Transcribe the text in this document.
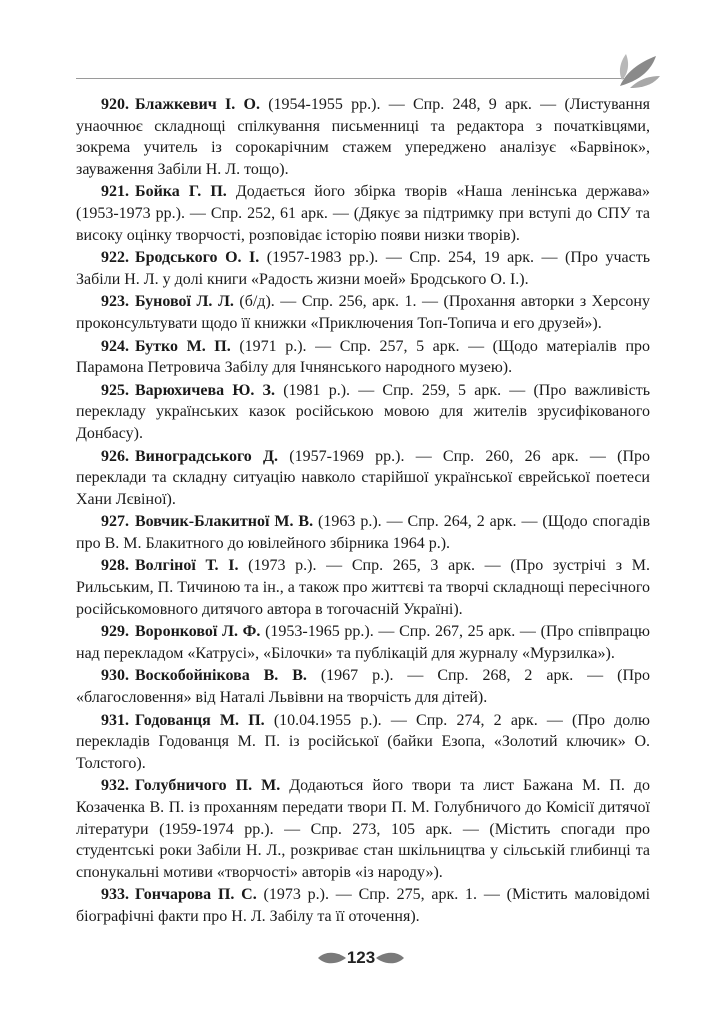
920. Блажкевич І. О. (1954-1955 рр.). — Спр. 248, 9 арк. — (Листування унаочнює складнощі спілкування письменниці та редактора з початківцями, зокрема учитель із сорокарічним стажем упереджено аналізує «Барвінок», зауваження Забіли Н. Л. тощо).

921. Бойка Г. П. Додається його збірка творів «Наша ленінська держава» (1953-1973 рр.). — Спр. 252, 61 арк. — (Дякує за підтримку при вступі до СПУ та високу оцінку творчості, розповідає історію появи низки творів).

922. Бродського О. І. (1957-1983 рр.). — Спр. 254, 19 арк. — (Про участь Забіли Н. Л. у долі книги «Радость жизни моей» Бродського О. І.).

923. Бунової Л. Л. (б/д). — Спр. 256, арк. 1. — (Прохання авторки з Херсону проконсультувати щодо її книжки «Приключения Топ-Топича и его друзей»).

924. Бутко М. П. (1971 р.). — Спр. 257, 5 арк. — (Щодо матеріалів про Парамона Петровича Забілу для Ічнянського народного музею).

925. Варюхичева Ю. З. (1981 р.). — Спр. 259, 5 арк. — (Про важливість перекладу українських казок російською мовою для жителів зрусифікованого Донбасу).

926. Виноградського Д. (1957-1969 рр.). — Спр. 260, 26 арк. — (Про переклади та складну ситуацію навколо старійшої української єврейської поетеси Хани Лєвіної).

927. Вовчик-Блакитної М. В. (1963 р.). — Спр. 264, 2 арк. — (Щодо спогадів про В. М. Блакитного до ювілейного збірника 1964 р.).

928. Волгіної Т. І. (1973 р.). — Спр. 265, 3 арк. — (Про зустрічі з М. Рильським, П. Тичиною та ін., а також про життєві та творчі складнощі пересічного російськомовного дитячого автора в тогочасній Україні).

929. Воронкової Л. Ф. (1953-1965 рр.). — Спр. 267, 25 арк. — (Про співпрацю над перекладом «Катрусі», «Білочки» та публікацій для журналу «Мурзилка»).

930. Воскобойнікова В. В. (1967 р.). — Спр. 268, 2 арк. — (Про «благословення» від Наталі Львівни на творчість для дітей).

931. Годованця М. П. (10.04.1955 р.). — Спр. 274, 2 арк. — (Про долю перекладів Годованця М. П. із російської (байки Езопа, «Золотий ключик» О. Толстого).

932. Голубничого П. М. Додаються його твори та лист Бажана М. П. до Козаченка В. П. із проханням передати твори П. М. Голубничого до Комісії дитячої літератури (1959-1974 рр.). — Спр. 273, 105 арк. — (Містить спогади про студентські роки Забіли Н. Л., розкриває стан шкільництва у сільській глибинці та спонукальні мотиви «творчості» авторів «із народу»).

933. Гончарова П. С. (1973 р.). — Спр. 275, арк. 1. — (Містить маловідомі біографічні факти про Н. Л. Забілу та її оточення).

123
